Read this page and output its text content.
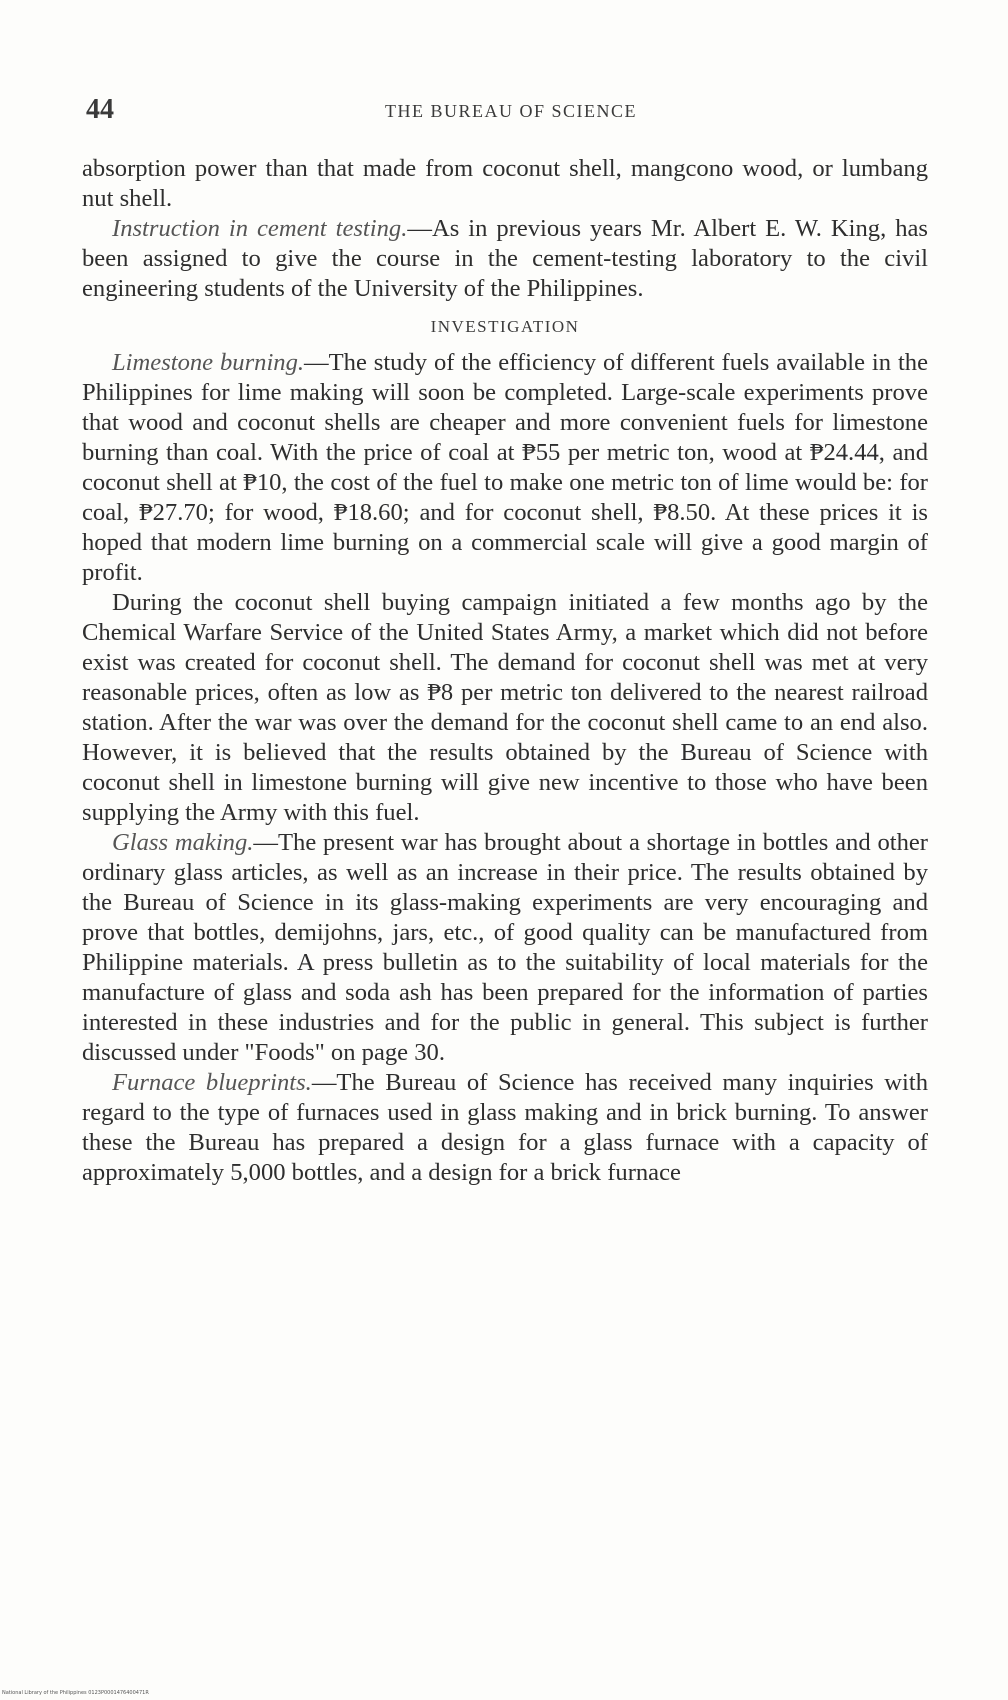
44	THE BUREAU OF SCIENCE

absorption power than that made from coconut shell, mangcono wood, or lumbang nut shell.

Instruction in cement testing.—As in previous years Mr. Albert E. W. King, has been assigned to give the course in the cement-testing laboratory to the civil engineering students of the University of the Philippines.

INVESTIGATION

Limestone burning.—The study of the efficiency of different fuels available in the Philippines for lime making will soon be completed. Large-scale experiments prove that wood and coconut shells are cheaper and more convenient fuels for limestone burning than coal. With the price of coal at ₱55 per metric ton, wood at ₱24.44, and coconut shell at ₱10, the cost of the fuel to make one metric ton of lime would be: for coal, ₱27.70; for wood, ₱18.60; and for coconut shell, ₱8.50. At these prices it is hoped that modern lime burning on a commercial scale will give a good margin of profit.

During the coconut shell buying campaign initiated a few months ago by the Chemical Warfare Service of the United States Army, a market which did not before exist was created for coconut shell. The demand for coconut shell was met at very reasonable prices, often as low as ₱8 per metric ton delivered to the nearest railroad station. After the war was over the demand for the coconut shell came to an end also. However, it is believed that the results obtained by the Bureau of Science with coconut shell in limestone burning will give new incentive to those who have been supplying the Army with this fuel.

Glass making.—The present war has brought about a shortage in bottles and other ordinary glass articles, as well as an increase in their price. The results obtained by the Bureau of Science in its glass-making experiments are very encouraging and prove that bottles, demijohns, jars, etc., of good quality can be manufactured from Philippine materials. A press bulletin as to the suitability of local materials for the manufacture of glass and soda ash has been prepared for the information of parties interested in these industries and for the public in general. This subject is further discussed under "Foods" on page 30.

Furnace blueprints.—The Bureau of Science has received many inquiries with regard to the type of furnaces used in glass making and in brick burning. To answer these the Bureau has prepared a design for a glass furnace with a capacity of approximately 5,000 bottles, and a design for a brick furnace

National Library of the Philippines 0123P0001476400471R
